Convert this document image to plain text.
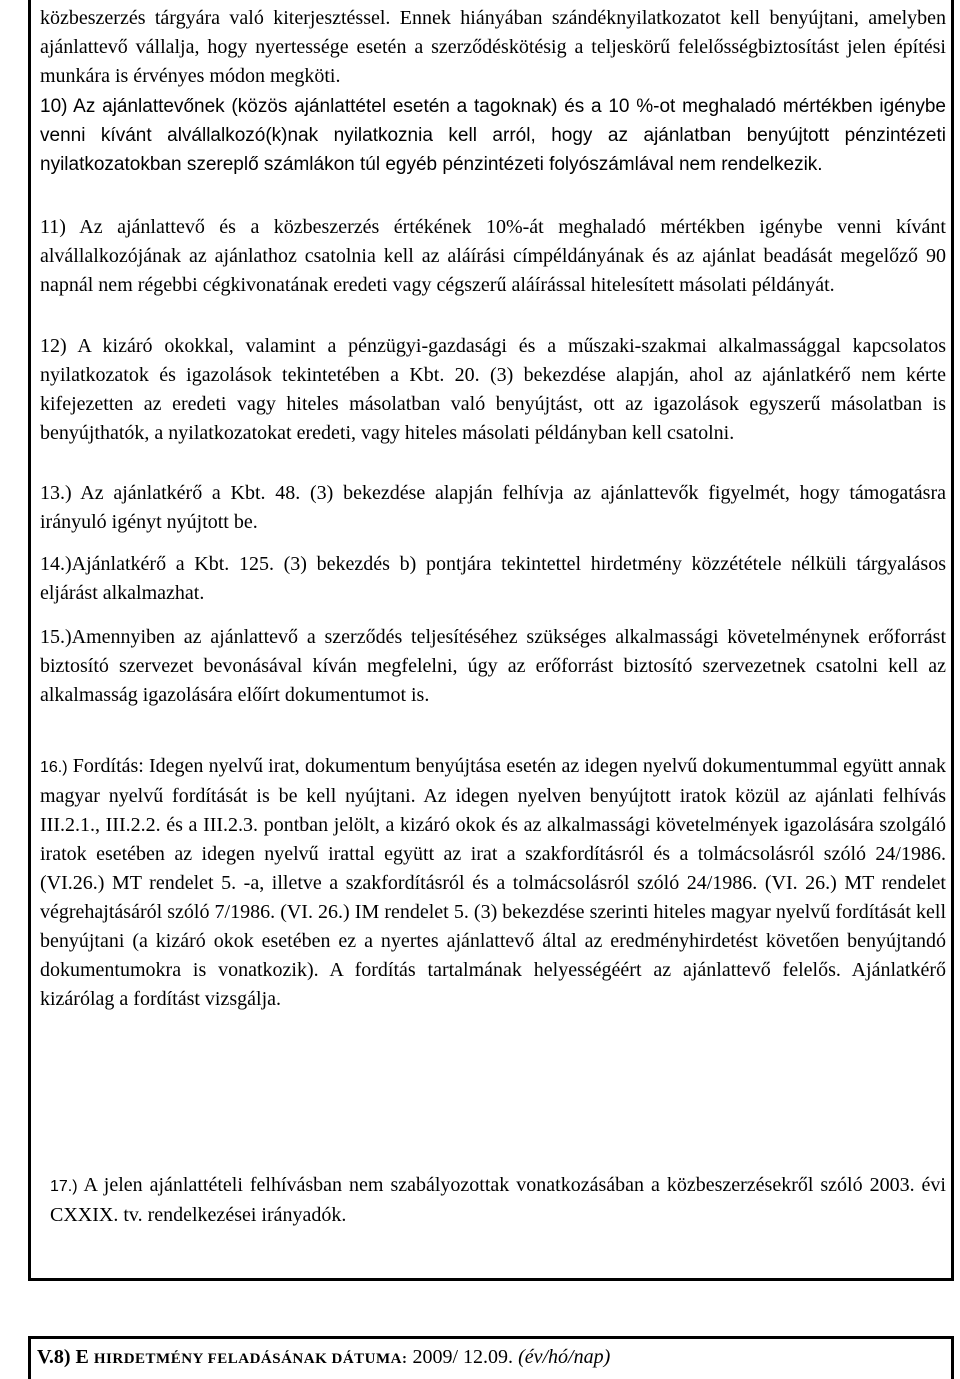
közbeszerzés tárgyára való kiterjesztéssel. Ennek hiányában szándéknyilatkozatot kell benyújtani, amelyben ajánlattevő vállalja, hogy nyertessége esetén a szerződéskötésig a teljeskörű felelősségbiztosítást jelen építési munkára is érvényes módon megköti.

10) Az ajánlattevőnek (közös ajánlattétel esetén a tagoknak) és a 10 %-ot meghaladó mértékben igénybe venni kívánt alvállalkozó(k)nak nyilatkoznia kell arról, hogy az ajánlatban benyújtott pénzintézeti nyilatkozatokban szereplő számlákon túl egyéb pénzintézeti folyószámlával nem rendelkezik.

11) Az ajánlattevő és a közbeszerzés értékének 10%-át meghaladó mértékben igénybe venni kívánt alvállalkozójának az ajánlathoz csatolnia kell az aláírási címpéldányának és az ajánlat beadását megelőző 90 napnál nem régebbi cégkivonatának eredeti vagy cégszerű aláírással hitelesített másolati példányát.

12) A kizáró okokkal, valamint a pénzügyi-gazdasági és a műszaki-szakmai alkalmassággal kapcsolatos nyilatkozatok és igazolások tekintetében a Kbt. 20. (3) bekezdése alapján, ahol az ajánlatkérő nem kérte kifejezetten az eredeti vagy hiteles másolatban való benyújtást, ott az igazolások egyszerű másolatban is benyújthatók, a nyilatkozatokat eredeti, vagy hiteles másolati példányban kell csatolni.

13.) Az ajánlatkérő a Kbt. 48. (3) bekezdése alapján felhívja az ajánlattevők figyelmét, hogy támogatásra irányuló igényt nyújtott be.

14.)Ajánlatkérő a Kbt. 125. (3) bekezdés b) pontjára tekintettel hirdetmény közzététele nélküli tárgyalásos eljárást alkalmazhat.

15.)Amennyiben az ajánlattevő a szerződés teljesítéséhez szükséges alkalmassági követelménynek erőforrást biztosító szervezet bevonásával kíván megfelelni, úgy az erőforrást biztosító szervezetnek csatolni kell az alkalmasság igazolására előírt dokumentumot is.

16.) Fordítás: Idegen nyelvű irat, dokumentum benyújtása esetén az idegen nyelvű dokumentummal együtt annak magyar nyelvű fordítását is be kell nyújtani. Az idegen nyelven benyújtott iratok közül az ajánlati felhívás III.2.1., III.2.2. és a III.2.3. pontban jelölt, a kizáró okok és az alkalmassági követelmények igazolására szolgáló iratok esetében az idegen nyelvű irattal együtt az irat a szakfordításról és a tolmácsolásról szóló 24/1986. (VI.26.) MT rendelet 5. -a, illetve a szakfordításról és a tolmácsolásról szóló 24/1986. (VI. 26.) MT rendelet végrehajtásáról szóló 7/1986. (VI. 26.) IM rendelet 5. (3) bekezdése szerinti hiteles magyar nyelvű fordítását kell benyújtani (a kizáró okok esetében ez a nyertes ajánlattevő által az eredményhirdetést követően benyújtandó dokumentumokra is vonatkozik). A fordítás tartalmának helyességéért az ajánlattevő felelős. Ajánlatkérő kizárólag a fordítást vizsgálja.

17.) A jelen ajánlattételi felhívásban nem szabályozottak vonatkozásában a közbeszerzésekről szóló 2003. évi CXXIX. tv. rendelkezései irányadók.

V.8) E HIRDETMÉNY FELADÁSÁNAK DÁTUMA: 2009/ 12.09. (év/hó/nap)
